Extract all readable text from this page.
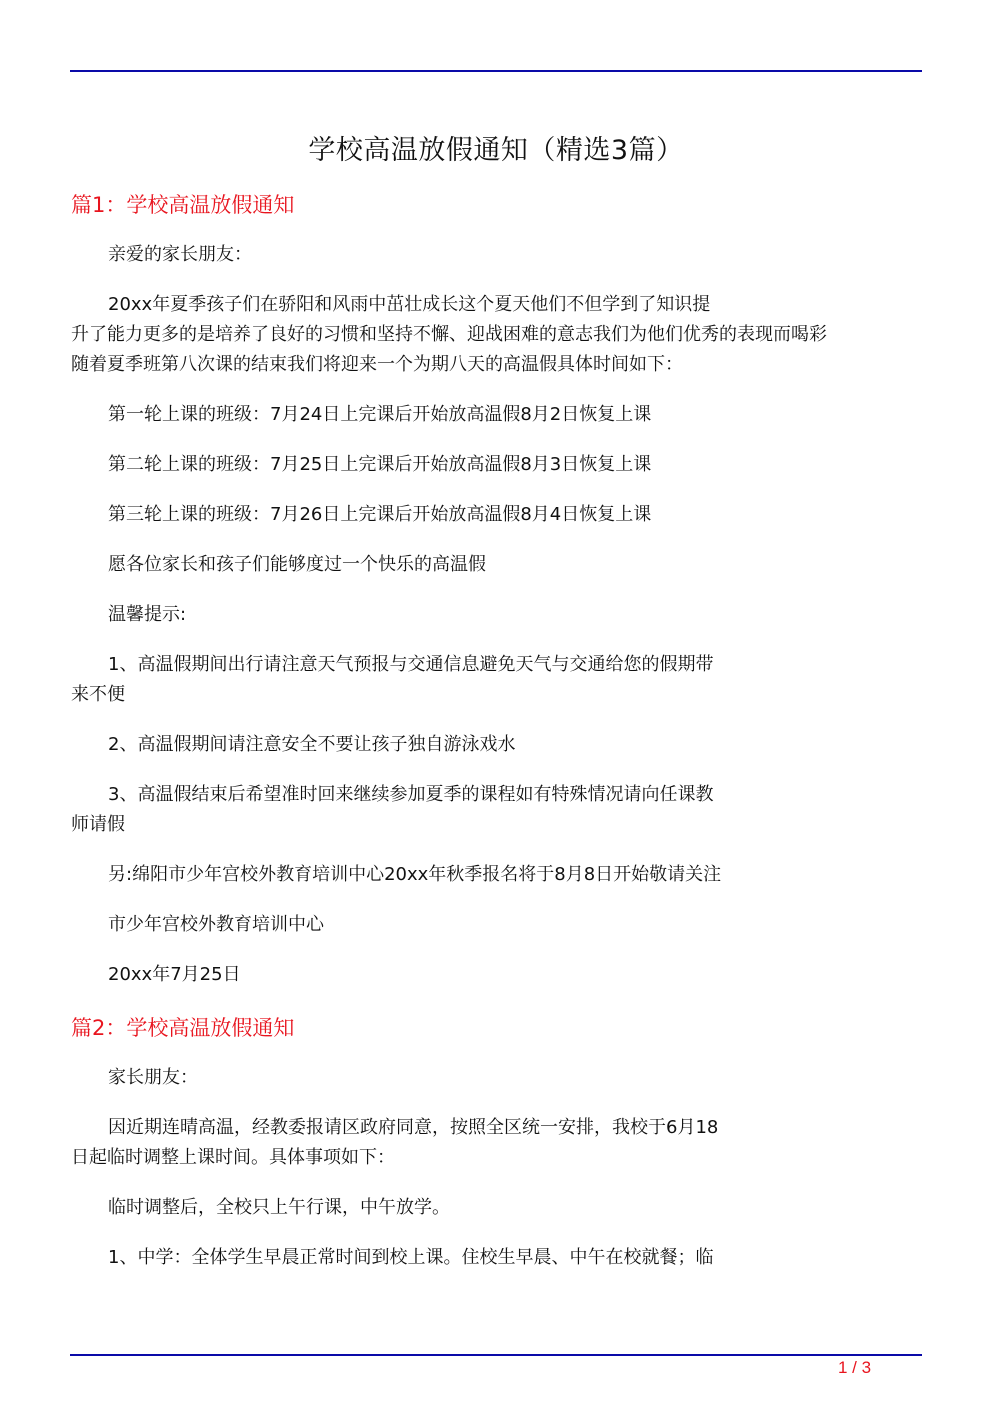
学校高温放假通知（精选3篇）
篇1：学校高温放假通知
亲爱的家长朋友：
20xx年夏季孩子们在骄阳和风雨中茁壮成长这个夏天他们不但学到了知识提
升了能力更多的是培养了良好的习惯和坚持不懈、迎战困难的意志我们为他们优秀的表现而喝彩
随着夏季班第八次课的结束我们将迎来一个为期八天的高温假具体时间如下：
第一轮上课的班级：7月24日上完课后开始放高温假8月2日恢复上课
第二轮上课的班级：7月25日上完课后开始放高温假8月3日恢复上课
第三轮上课的班级：7月26日上完课后开始放高温假8月4日恢复上课
愿各位家长和孩子们能够度过一个快乐的高温假
温馨提示:
1、高温假期间出行请注意天气预报与交通信息避免天气与交通给您的假期带
来不便
2、高温假期间请注意安全不要让孩子独自游泳戏水
3、高温假结束后希望准时回来继续参加夏季的课程如有特殊情况请向任课教
师请假
另:绵阳市少年宫校外教育培训中心20xx年秋季报名将于8月8日开始敬请关注
市少年宫校外教育培训中心
20xx年7月25日
篇2：学校高温放假通知
家长朋友：
因近期连晴高温，经教委报请区政府同意，按照全区统一安排，我校于6月18
日起临时调整上课时间。具体事项如下：
临时调整后，全校只上午行课，中午放学。
1、中学：全体学生早晨正常时间到校上课。住校生早晨、中午在校就餐；临
1 / 3
